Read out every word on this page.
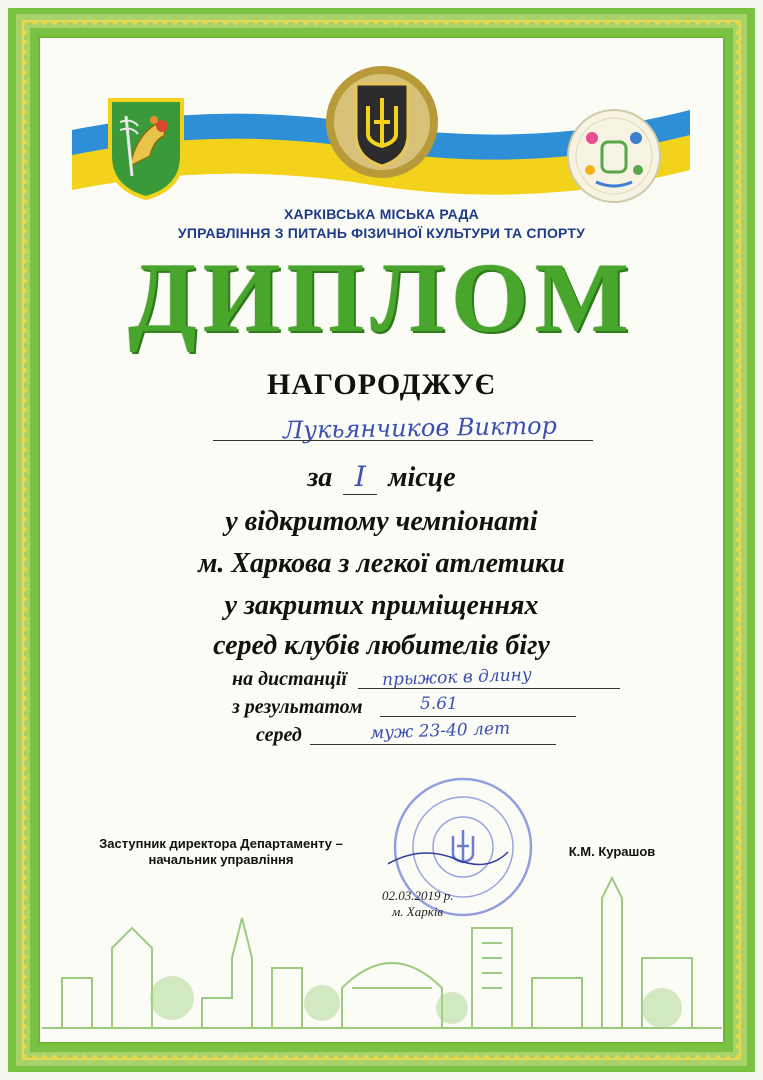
ХАРКІВСЬКА МІСЬКА РАДА
УПРАВЛІННЯ З ПИТАНЬ ФІЗИЧНОЇ КУЛЬТУРИ ТА СПОРТУ
ДИПЛОМ
НАГОРОДЖУЄ
Лукьянчиков Виктор
за I місце
у відкритому чемпіонаті
м. Харкова з легкої атлетики
у закритих приміщеннях
серед клубів любителів бігу
на дистанції прыжок в длину
з результатом	5.61
серед	муж 23-40 лет
Заступник директора Департаменту –
начальник управління
К.М. Курашов
02.03.2019 р.
м. Харків
